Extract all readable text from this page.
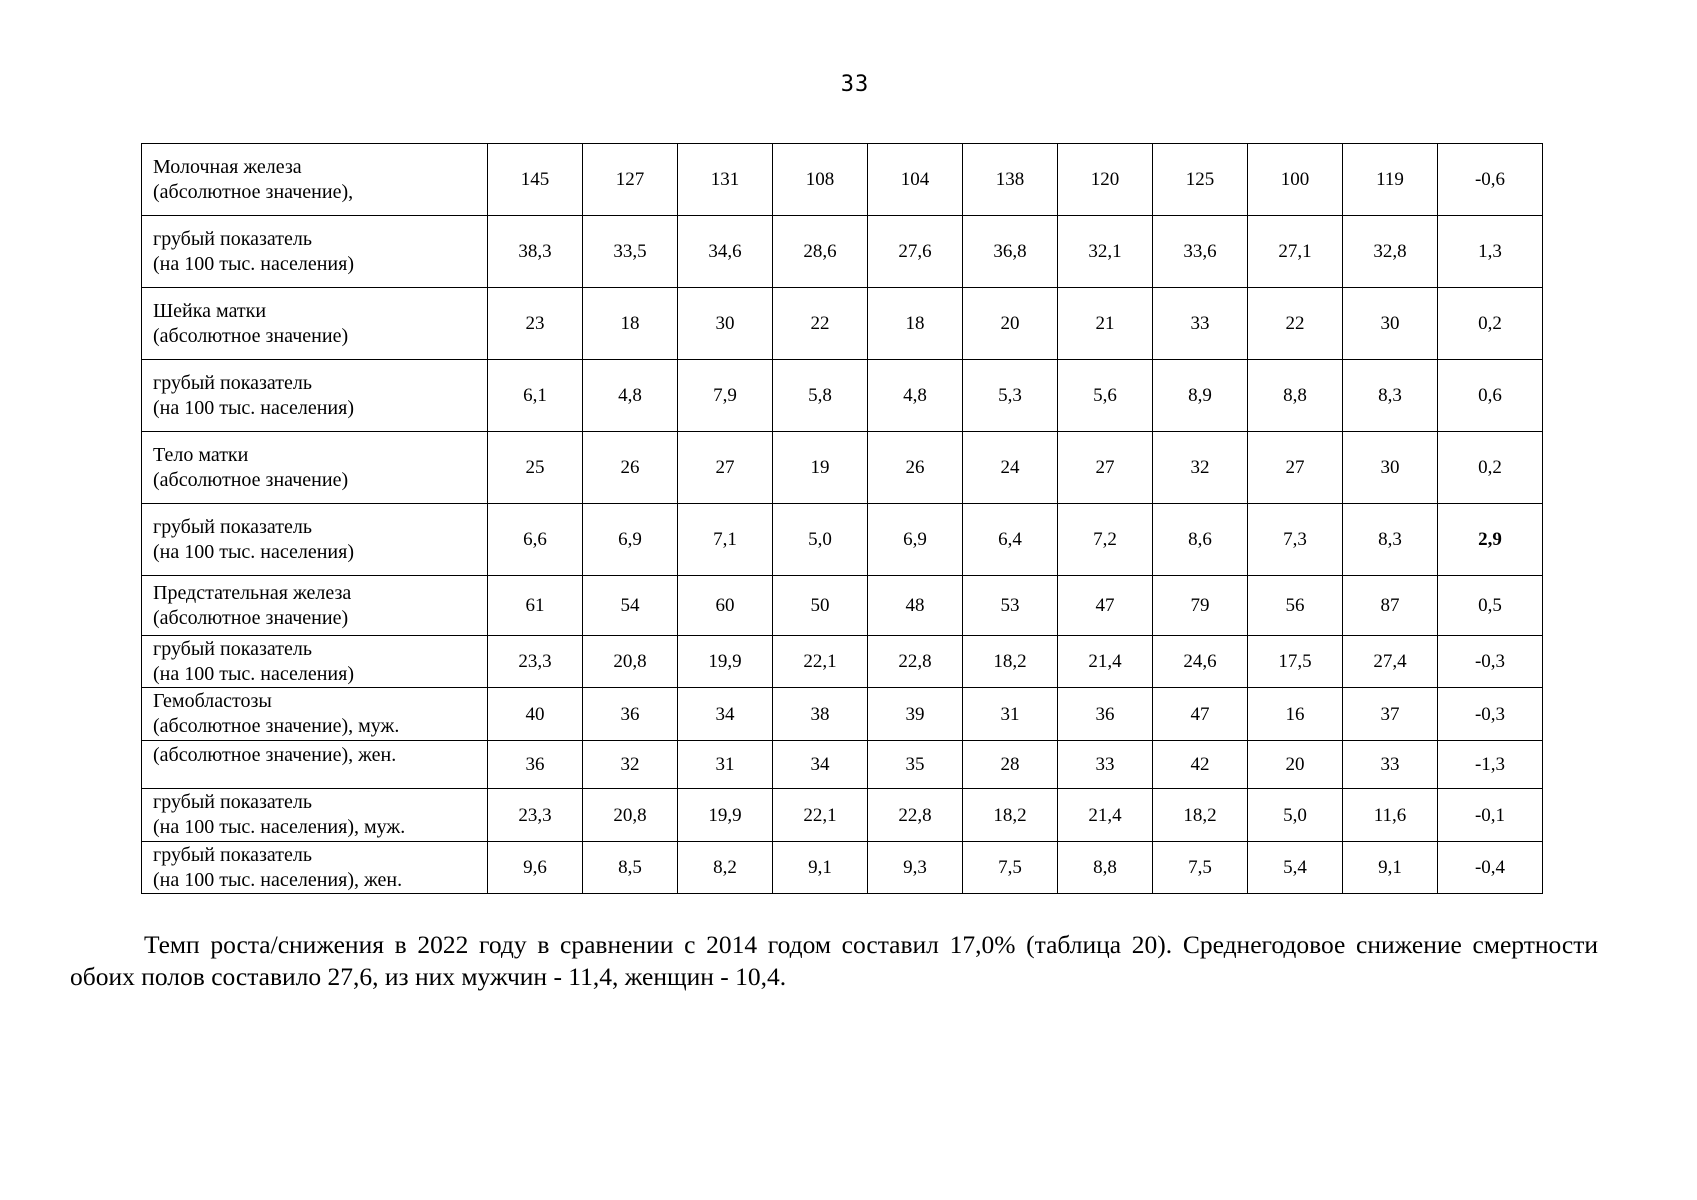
33
Молочная железа
(абсолютное значение),	145	127	131	108	104	138	120	125	100	119	-0,6

грубый показатель
(на 100 тыс. населения)	38,3	33,5	34,6	28,6	27,6	36,8	32,1	33,6	27,1	32,8	1,3

Шейка матки
(абсолютное значение)	23	18	30	22	18	20	21	33	22	30	0,2

грубый показатель
(на 100 тыс. населения)	6,1	4,8	7,9	5,8	4,8	5,3	5,6	8,9	8,8	8,3	0,6

Тело матки
(абсолютное значение)	25	26	27	19	26	24	27	32	27	30	0,2

грубый показатель
(на 100 тыс. населения)	6,6	6,9	7,1	5,0	6,9	6,4	7,2	8,6	7,3	8,3	2,9

Предстательная железа
(абсолютное значение)	61	54	60	50	48	53	47	79	56	87	0,5

грубый показатель
(на 100 тыс. населения)	23,3	20,8	19,9	22,1	22,8	18,2	21,4	24,6	17,5	27,4	-0,3

Гемобластозы
(абсолютное значение), муж.	40	36	34	38	39	31	36	47	16	37	-0,3

(абсолютное значение), жен.	36	32	31	34	35	28	33	42	20	33	-1,3

грубый показатель
(на 100 тыс. населения), муж.	23,3	20,8	19,9	22,1	22,8	18,2	21,4	18,2	5,0	11,6	-0,1

грубый показатель
(на 100 тыс. населения), жен.	9,6	8,5	8,2	9,1	9,3	7,5	8,8	7,5	5,4	9,1	-0,4

Темп роста/снижения в 2022 году в сравнении с 2014 годом составил 17,0% (таблица 20). Среднегодовое снижение смертности обоих полов составило 27,6, из них мужчин - 11,4, женщин - 10,4.
